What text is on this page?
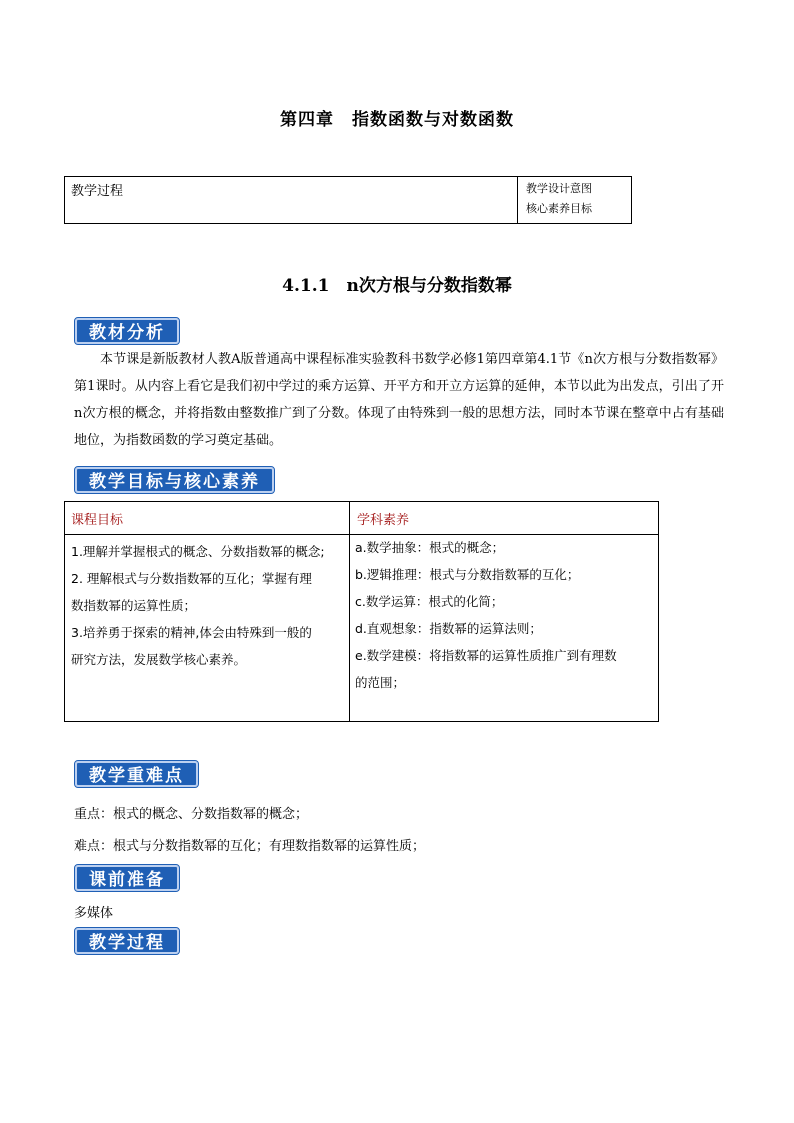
第四章　指数函数与对数函数
教学过程	教学设计意图
核心素养目标
4.1.1　n次方根与分数指数幂
教材分析
本节课是新版教材人教A版普通高中课程标准实验教科书数学必修1第四章第4.1节《n次方根与分数指数幂》第1课时。从内容上看它是我们初中学过的乘方运算、开平方和开立方运算的延伸，本节以此为出发点，引出了开n次方根的概念，并将指数由整数推广到了分数。体现了由特殊到一般的思想方法，同时本节课在整章中占有基础地位，为指数函数的学习奠定基础。
教学目标与核心素养
课程目标	学科素养
1.理解并掌握根式的概念、分数指数幂的概念;
2. 理解根式与分数指数幂的互化；掌握有理
数指数幂的运算性质；
3.培养勇于探索的精神,体会由特殊到一般的
研究方法，发展数学核心素养。
a.数学抽象：根式的概念；
b.逻辑推理：根式与分数指数幂的互化；
c.数学运算：根式的化简；
d.直观想象：指数幂的运算法则；
e.数学建模：将指数幂的运算性质推广到有理数
的范围；
教学重难点
重点：根式的概念、分数指数幂的概念；
难点：根式与分数指数幂的互化；有理数指数幂的运算性质；
课前准备
多媒体
教学过程
